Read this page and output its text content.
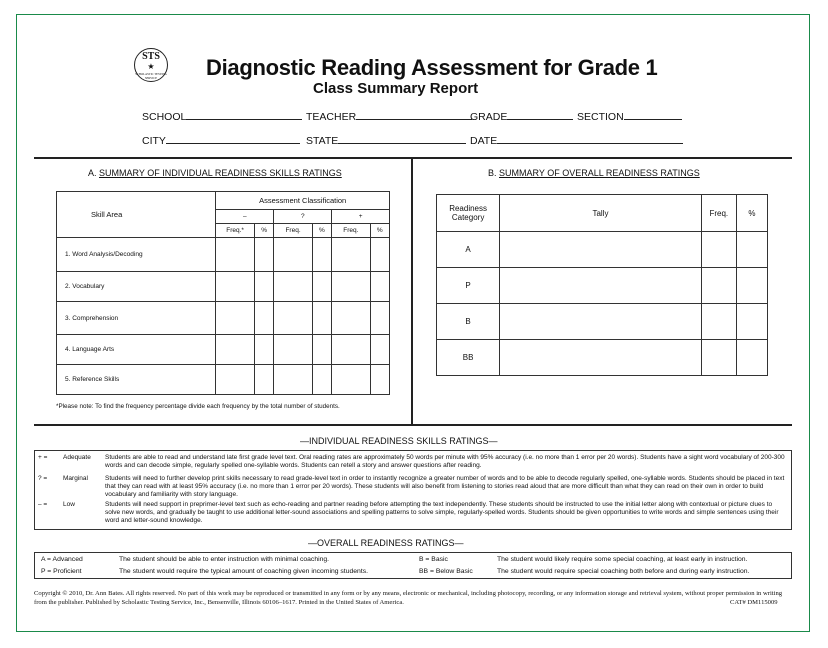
STS
★
SCHOLASTIC TESTING SERVICE	Diagnostic Reading Assessment for Grade 1
Class Summary Report
SCHOOL	TEACHER	GRADE	SECTION
CITY	STATE	DATE
A. SUMMARY OF INDIVIDUAL READINESS SKILLS RATINGS
Skill Area	Assessment Classification					
	–		?		+	
	Freq.*	%	Freq.	%	Freq.	%
1. Word Analysis/Decoding						
2. Vocabulary						
3. Comprehension						
4. Language Arts						
5. Reference Skills						
*Please note: To find the frequency percentage divide each frequency by the total number of students.
B. SUMMARY OF OVERALL READINESS RATINGS
Readiness Category	Tally	Freq.	%
A			
P			
B			
BB			
—INDIVIDUAL READINESS SKILLS RATINGS—
+ =	Adequate	Students are able to read and understand late first grade level text. Oral reading rates are approximately 50 words per minute with 95% accuracy (i.e. no more than 1 error per 20 words). Students have a sight word vocabulary of 200-300 words and can decode simple, regularly spelled one-syllable words. Students can retell a story and answer questions after reading.
? =	Marginal	Students will need to further develop print skills necessary to read grade-level text in order to instantly recognize a greater number of words and to be able to decode regularly spelled, one-syllable words. Students should be placed in text that they can read with at least 95% accuracy (i.e. no more than 1 error per 20 words). These students will also benefit from listening to stories read aloud that are more difficult than what they can read on their own in order to build vocabulary and familiarity with story language.
– =	Low	Students will need support in preprimer-level text such as echo-reading and partner reading before attempting the text independently. These students should be instructed to use the initial letter along with contextual or picture clues to solve new words, and gradually be taught to use additional letter-sound associations and spelling patterns to solve simple, regularly-spelled words. Students should be given opportunities to write words and simple sentences using their word and letter-sound knowledge.
—OVERALL READINESS RATINGS—
A = Advanced	The student should be able to enter instruction with minimal coaching.	B = Basic	The student would likely require some special coaching, at least early in instruction.
P = Proficient	The student would require the typical amount of coaching given incoming students.	BB = Below Basic	The student would require special coaching both before and during early instruction.
Copyright © 2010, Dr. Ann Bates. All rights reserved. No part of this work may be reproduced or transmitted in any form or by any means, electronic or mechanical, including photocopy, recording, or any information storage and retrieval system, without proper permission in writing from the publisher. Published by Scholastic Testing Service, Inc., Bensenville, Illinois 60106–1617. Printed in the United States of America.	CAT# DM115009
